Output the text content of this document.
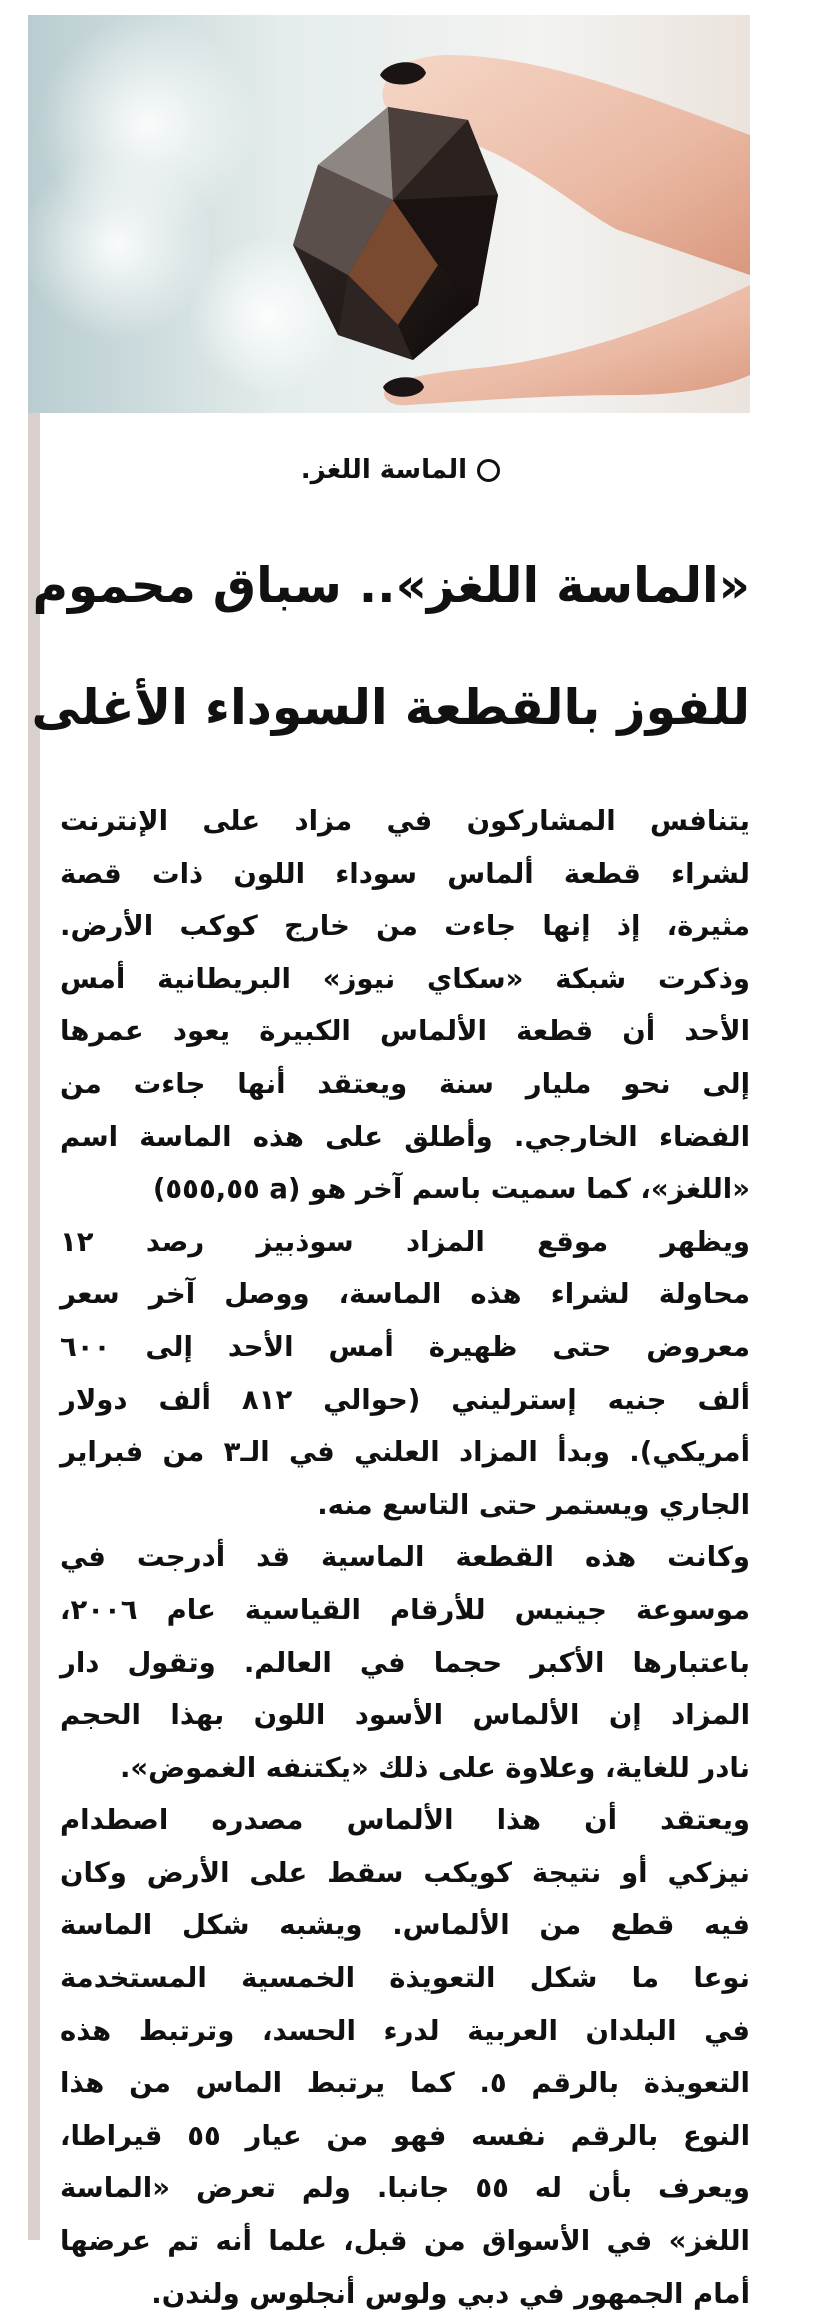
الماسة اللغز.
«الماسة اللغز».. سباق محموم
للفوز بالقطعة السوداء الأغلى
يتنافس المشاركون في مزاد على الإنترنت
لشراء قطعة ألماس سوداء اللون ذات قصة
مثيرة، إذ إنها جاءت من خارج كوكب الأرض.
وذكرت شبكة «سكاي نيوز» البريطانية أمس
الأحد أن قطعة الألماس الكبيرة يعود عمرها
إلى نحو مليار سنة ويعتقد أنها جاءت من
الفضاء الخارجي. وأطلق على هذه الماسة اسم
«اللغز»، كما سميت باسم آخر هو (a ٥٥٥,٥٥)
ويظهر موقع المزاد سوذبيز رصد ١٢
محاولة لشراء هذه الماسة، ووصل آخر سعر
معروض حتى ظهيرة أمس الأحد إلى ٦٠٠
ألف جنيه إسترليني (حوالي ٨١٢ ألف دولار
أمريكي). وبدأ المزاد العلني في الـ٣ من فبراير
الجاري ويستمر حتى التاسع منه.
وكانت هذه القطعة الماسية قد أدرجت في
موسوعة جينيس للأرقام القياسية عام ٢٠٠٦،
باعتبارها الأكبر حجما في العالم. وتقول دار
المزاد إن الألماس الأسود اللون بهذا الحجم
نادر للغاية، وعلاوة على ذلك «يكتنفه الغموض».
ويعتقد أن هذا الألماس مصدره اصطدام
نيزكي أو نتيجة كويكب سقط على الأرض وكان
فيه قطع من الألماس. ويشبه شكل الماسة
نوعا ما شكل التعويذة الخمسية المستخدمة
في البلدان العربية لدرء الحسد، وترتبط هذه
التعويذة بالرقم ٥. كما يرتبط الماس من هذا
النوع بالرقم نفسه فهو من عيار ٥٥ قيراطا،
ويعرف بأن له ٥٥ جانبا. ولم تعرض «الماسة
اللغز» في الأسواق من قبل، علما أنه تم عرضها
أمام الجمهور في دبي ولوس أنجلوس ولندن.
